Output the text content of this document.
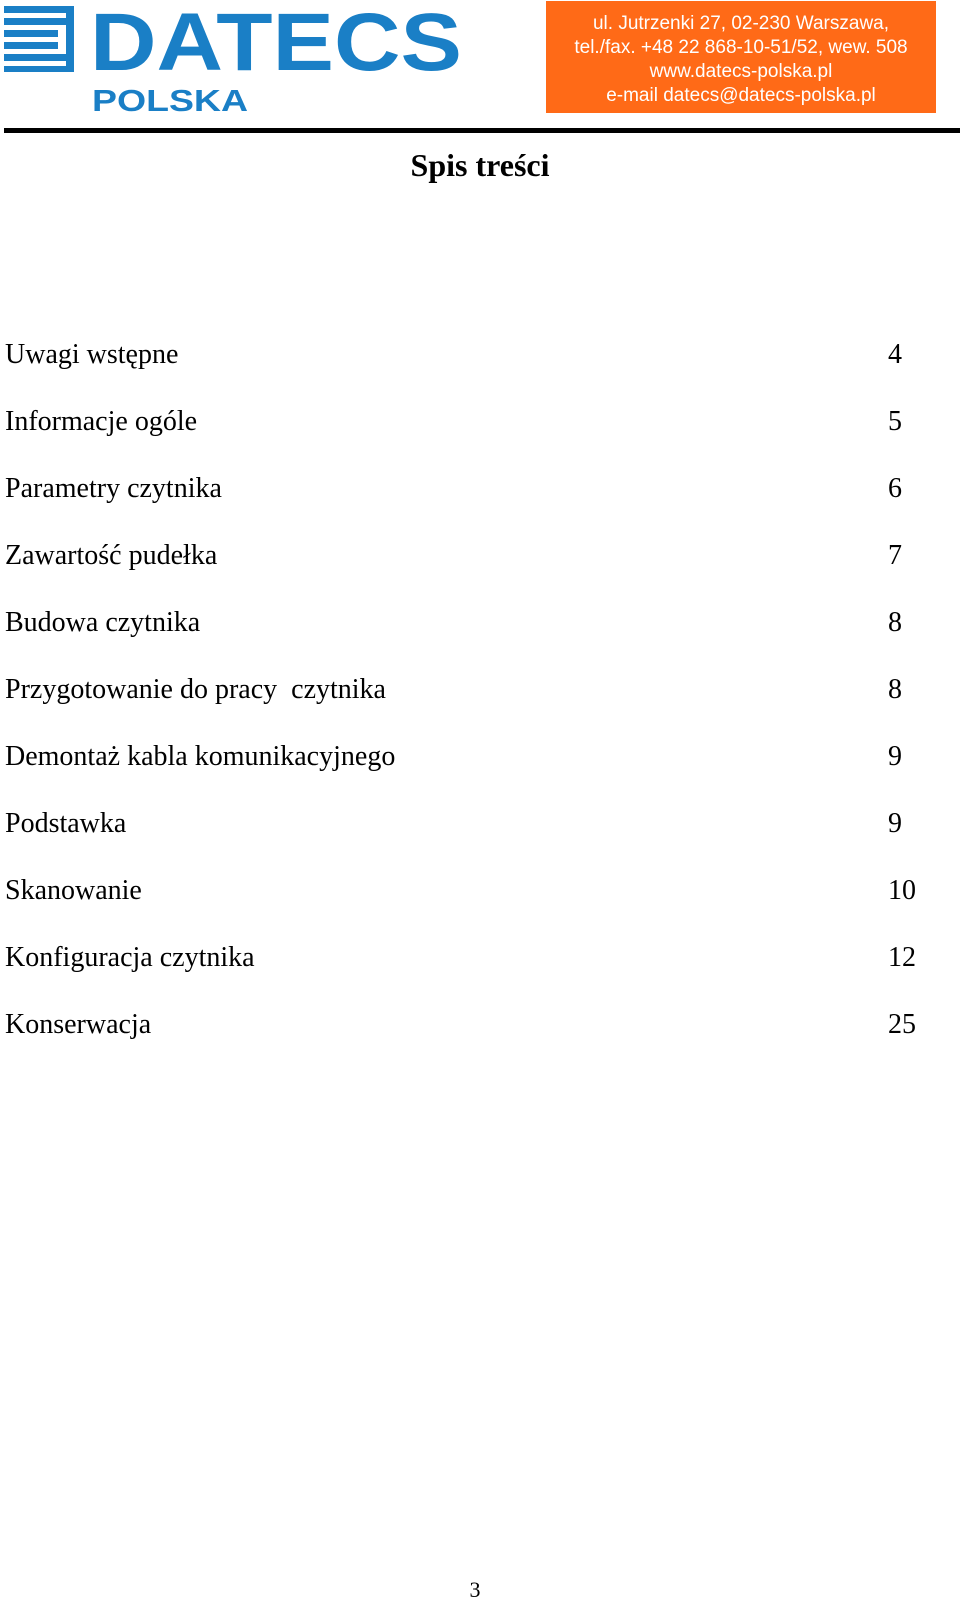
DATECS
POLSKA
ul. Jutrzenki 27, 02-230 Warszawa,
tel./fax. +48 22 868-10-51/52, wew. 508
www.datecs-polska.pl
e-mail datecs@datecs-polska.pl
Spis treści
Uwagi wstępne	4
Informacje ogóle	5
Parametry czytnika	6
Zawartość pudełka	7
Budowa czytnika	8
Przygotowanie do pracy  czytnika	8
Demontaż kabla komunikacyjnego	9
Podstawka	9
Skanowanie	10
Konfiguracja czytnika	12
Konserwacja	25
3
